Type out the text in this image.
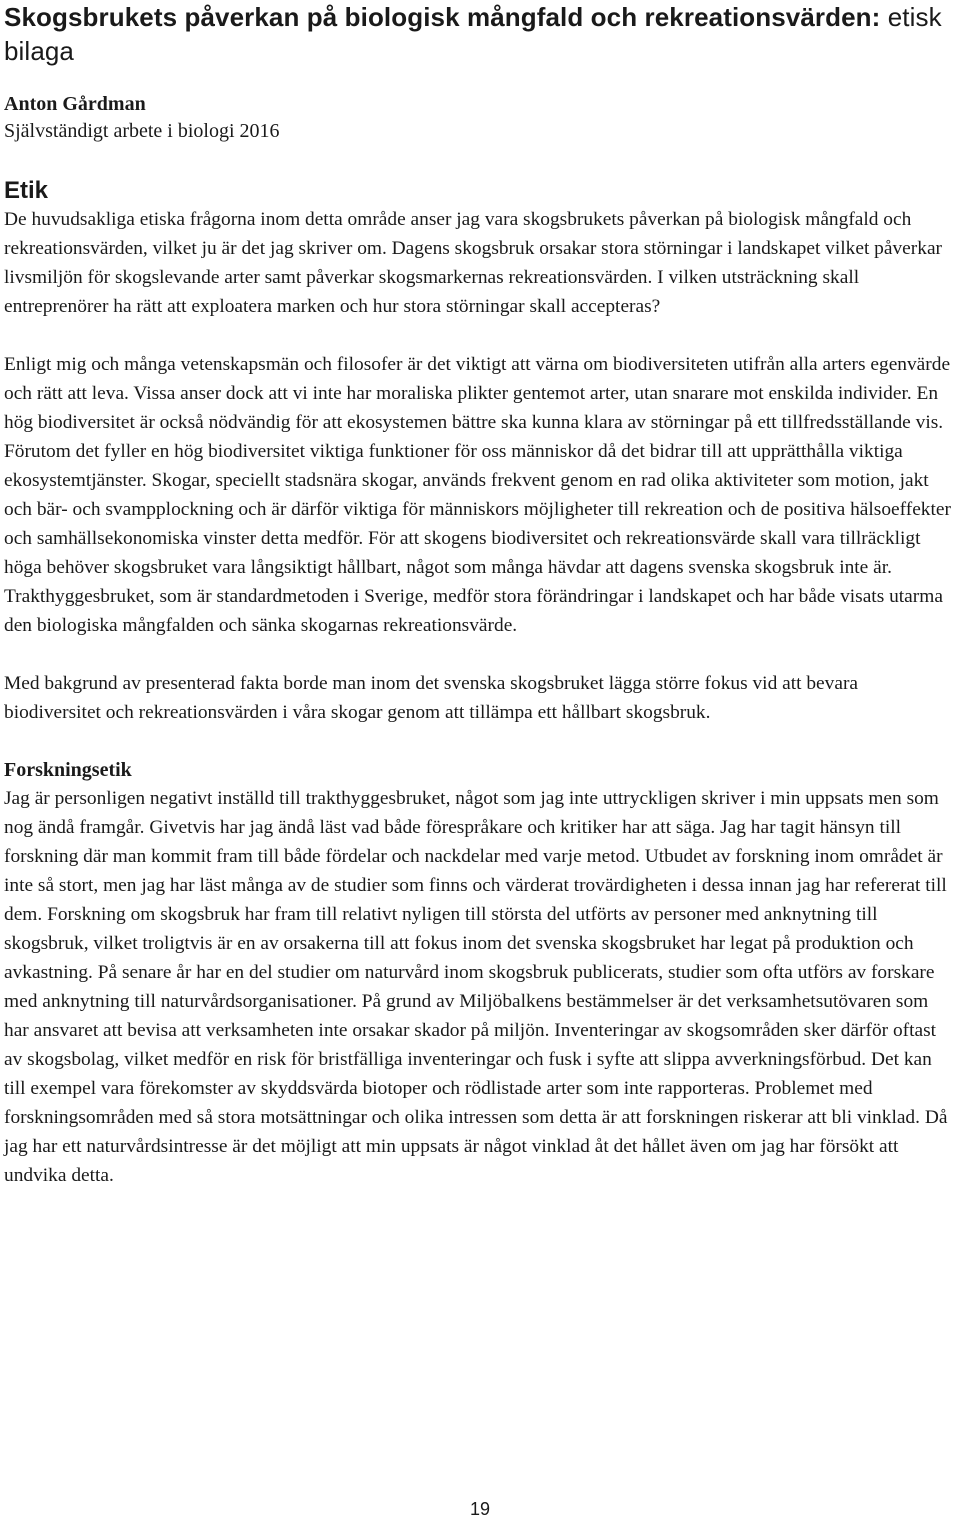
Skogsbrukets påverkan på biologisk mångfald och rekreationsvärden: etisk bilaga
Anton Gårdman
Självständigt arbete i biologi 2016
Etik

De huvudsakliga etiska frågorna inom detta område anser jag vara skogsbrukets påverkan på biologisk mångfald och rekreationsvärden, vilket ju är det jag skriver om. Dagens skogsbruk orsakar stora störningar i landskapet vilket påverkar livsmiljön för skogslevande arter samt påverkar skogsmarkernas rekreationsvärden. I vilken utsträckning skall entreprenörer ha rätt att exploatera marken och hur stora störningar skall accepteras?

Enligt mig och många vetenskapsmän och filosofer är det viktigt att värna om biodiversiteten utifrån alla arters egenvärde och rätt att leva. Vissa anser dock att vi inte har moraliska plikter gentemot arter, utan snarare mot enskilda individer. En hög biodiversitet är också nödvändig för att ekosystemen bättre ska kunna klara av störningar på ett tillfredsställande vis. Förutom det fyller en hög biodiversitet viktiga funktioner för oss människor då det bidrar till att upprätthålla viktiga ekosystemtjänster. Skogar, speciellt stadsnära skogar, används frekvent genom en rad olika aktiviteter som motion, jakt och bär- och svampplockning och är därför viktiga för människors möjligheter till rekreation och de positiva hälsoeffekter och samhällsekonomiska vinster detta medför. För att skogens biodiversitet och rekreationsvärde skall vara tillräckligt höga behöver skogsbruket vara långsiktigt hållbart, något som många hävdar att dagens svenska skogsbruk inte är. Trakthyggesbruket, som är standardmetoden i Sverige, medför stora förändringar i landskapet och har både visats utarma den biologiska mångfalden och sänka skogarnas rekreationsvärde.

Med bakgrund av presenterad fakta borde man inom det svenska skogsbruket lägga större fokus vid att bevara biodiversitet och rekreationsvärden i våra skogar genom att tillämpa ett hållbart skogsbruk.

Forskningsetik

Jag är personligen negativt inställd till trakthyggesbruket, något som jag inte uttryckligen skriver i min uppsats men som nog ändå framgår. Givetvis har jag ändå läst vad både förespråkare och kritiker har att säga. Jag har tagit hänsyn till forskning där man kommit fram till både fördelar och nackdelar med varje metod. Utbudet av forskning inom området är inte så stort, men jag har läst många av de studier som finns och värderat trovärdigheten i dessa innan jag har refererat till dem. Forskning om skogsbruk har fram till relativt nyligen till största del utförts av personer med anknytning till skogsbruk, vilket troligtvis är en av orsakerna till att fokus inom det svenska skogsbruket har legat på produktion och avkastning. På senare år har en del studier om naturvård inom skogsbruk publicerats, studier som ofta utförs av forskare med anknytning till naturvårdsorganisationer. På grund av Miljöbalkens bestämmelser är det verksamhetsutövaren som har ansvaret att bevisa att verksamheten inte orsakar skador på miljön. Inventeringar av skogsområden sker därför oftast av skogsbolag, vilket medför en risk för bristfälliga inventeringar och fusk i syfte att slippa avverkningsförbud. Det kan till exempel vara förekomster av skyddsvärda biotoper och rödlistade arter som inte rapporteras. Problemet med forskningsområden med så stora motsättningar och olika intressen som detta är att forskningen riskerar att bli vinklad. Då jag har ett naturvårdsintresse är det möjligt att min uppsats är något vinklad åt det hållet även om jag har försökt att undvika detta.

19
